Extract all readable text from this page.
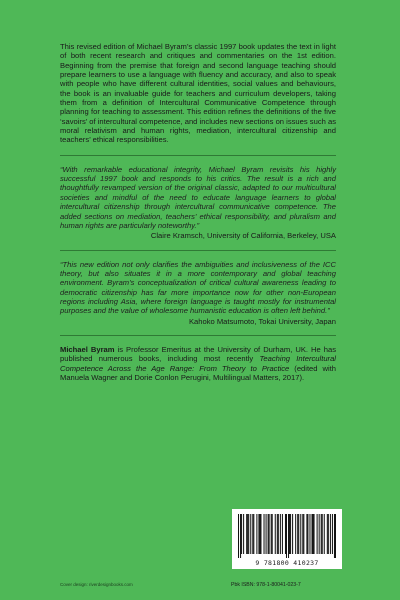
This revised edition of Michael Byram’s classic 1997 book updates the text in light of both recent research and critiques and commentaries on the 1st edition. Beginning from the premise that foreign and second language teaching should prepare learners to use a language with fluency and accuracy, and also to speak with people who have different cultural identities, social values and behaviours, the book is an invaluable guide for teachers and curriculum developers, taking them from a definition of Intercultural Communicative Competence through planning for teaching to assessment. This edition refines the definitions of the five ‘savoirs’ of intercultural competence, and includes new sections on issues such as moral relativism and human rights, mediation, intercultural citizenship and teachers’ ethical responsibilities.

“With remarkable educational integrity, Michael Byram revisits his highly successful 1997 book and responds to his critics. The result is a rich and thoughtfully revamped version of the original classic, adapted to our multicultural societies and mindful of the need to educate language learners to global intercultural citizenship through intercultural communicative competence. The added sections on mediation, teachers’ ethical responsibility, and pluralism and human rights are particularly noteworthy.”

Claire Kramsch, University of California, Berkeley, USA

“This new edition not only clarifies the ambiguities and inclusiveness of the ICC theory, but also situates it in a more contemporary and global teaching environment. Byram’s conceptualization of critical cultural awareness leading to democratic citizenship has far more importance now for other non-European regions including Asia, where foreign language is taught mostly for instrumental purposes and the value of wholesome humanistic education is often left behind.”

Kahoko Matsumoto, Tokai University, Japan

Michael Byram is Professor Emeritus at the University of Durham, UK. He has published numerous books, including most recently Teaching Intercultural Competence Across the Age Range: From Theory to Practice (edited with Manuela Wagner and Dorie Conlon Perugini, Multilingual Matters, 2017).

9 781800 410237
Cover design: riverdesignbooks.com	Pbk ISBN: 978-1-80041-023-7
